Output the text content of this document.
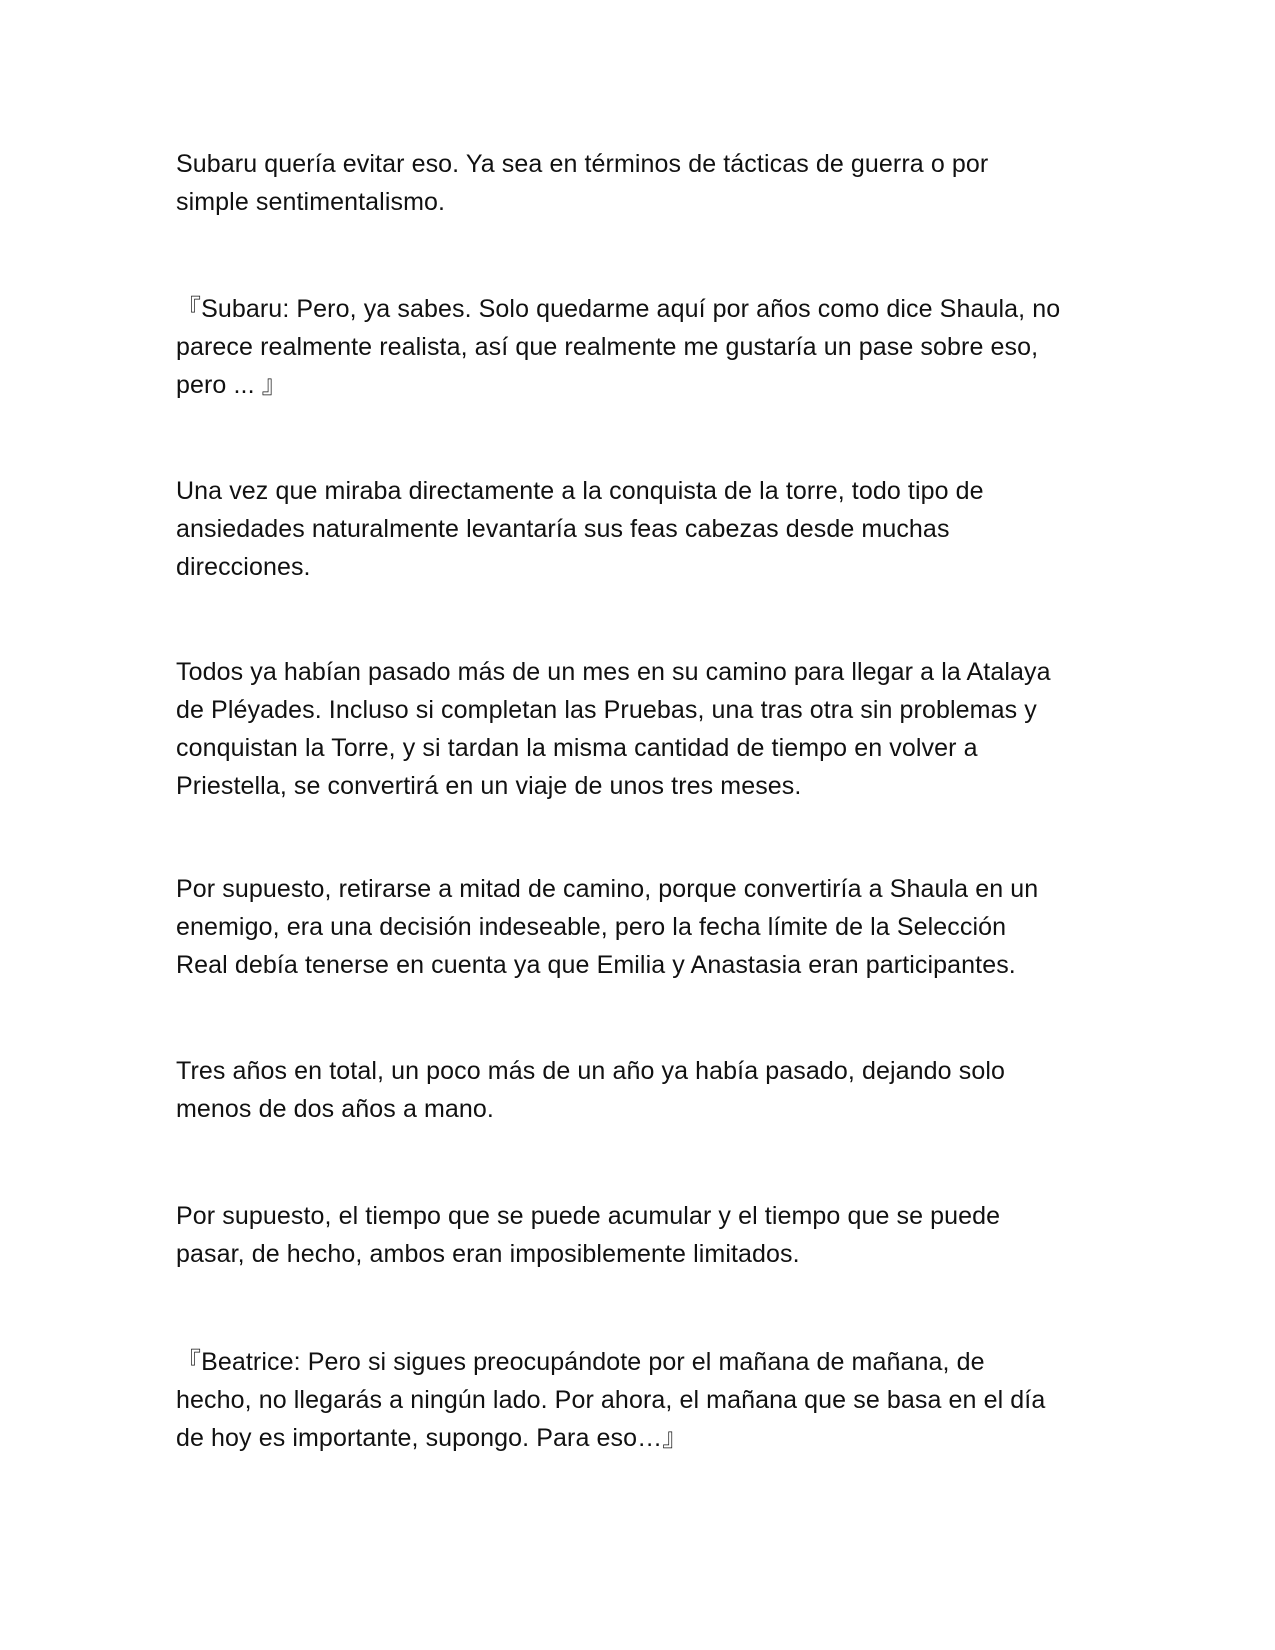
Subaru quería evitar eso. Ya sea en términos de tácticas de guerra o por
simple sentimentalismo.

『Subaru: Pero, ya sabes. Solo quedarme aquí por años como dice Shaula, no
parece realmente realista, así que realmente me gustaría un pase sobre eso,
pero ... 』

Una vez que miraba directamente a la conquista de la torre, todo tipo de
ansiedades naturalmente levantaría sus feas cabezas desde muchas
direcciones.

Todos ya habían pasado más de un mes en su camino para llegar a la Atalaya
de Pléyades. Incluso si completan las Pruebas, una tras otra sin problemas y
conquistan la Torre, y si tardan la misma cantidad de tiempo en volver a
Priestella, se convertirá en un viaje de unos tres meses.

Por supuesto, retirarse a mitad de camino, porque convertiría a Shaula en un
enemigo, era una decisión indeseable, pero la fecha límite de la Selección
Real debía tenerse en cuenta ya que Emilia y Anastasia eran participantes.

Tres años en total, un poco más de un año ya había pasado, dejando solo
menos de dos años a mano.

Por supuesto, el tiempo que se puede acumular y el tiempo que se puede
pasar, de hecho, ambos eran imposiblemente limitados.

『Beatrice: Pero si sigues preocupándote por el mañana de mañana, de
hecho, no llegarás a ningún lado. Por ahora, el mañana que se basa en el día
de hoy es importante, supongo. Para eso…』
